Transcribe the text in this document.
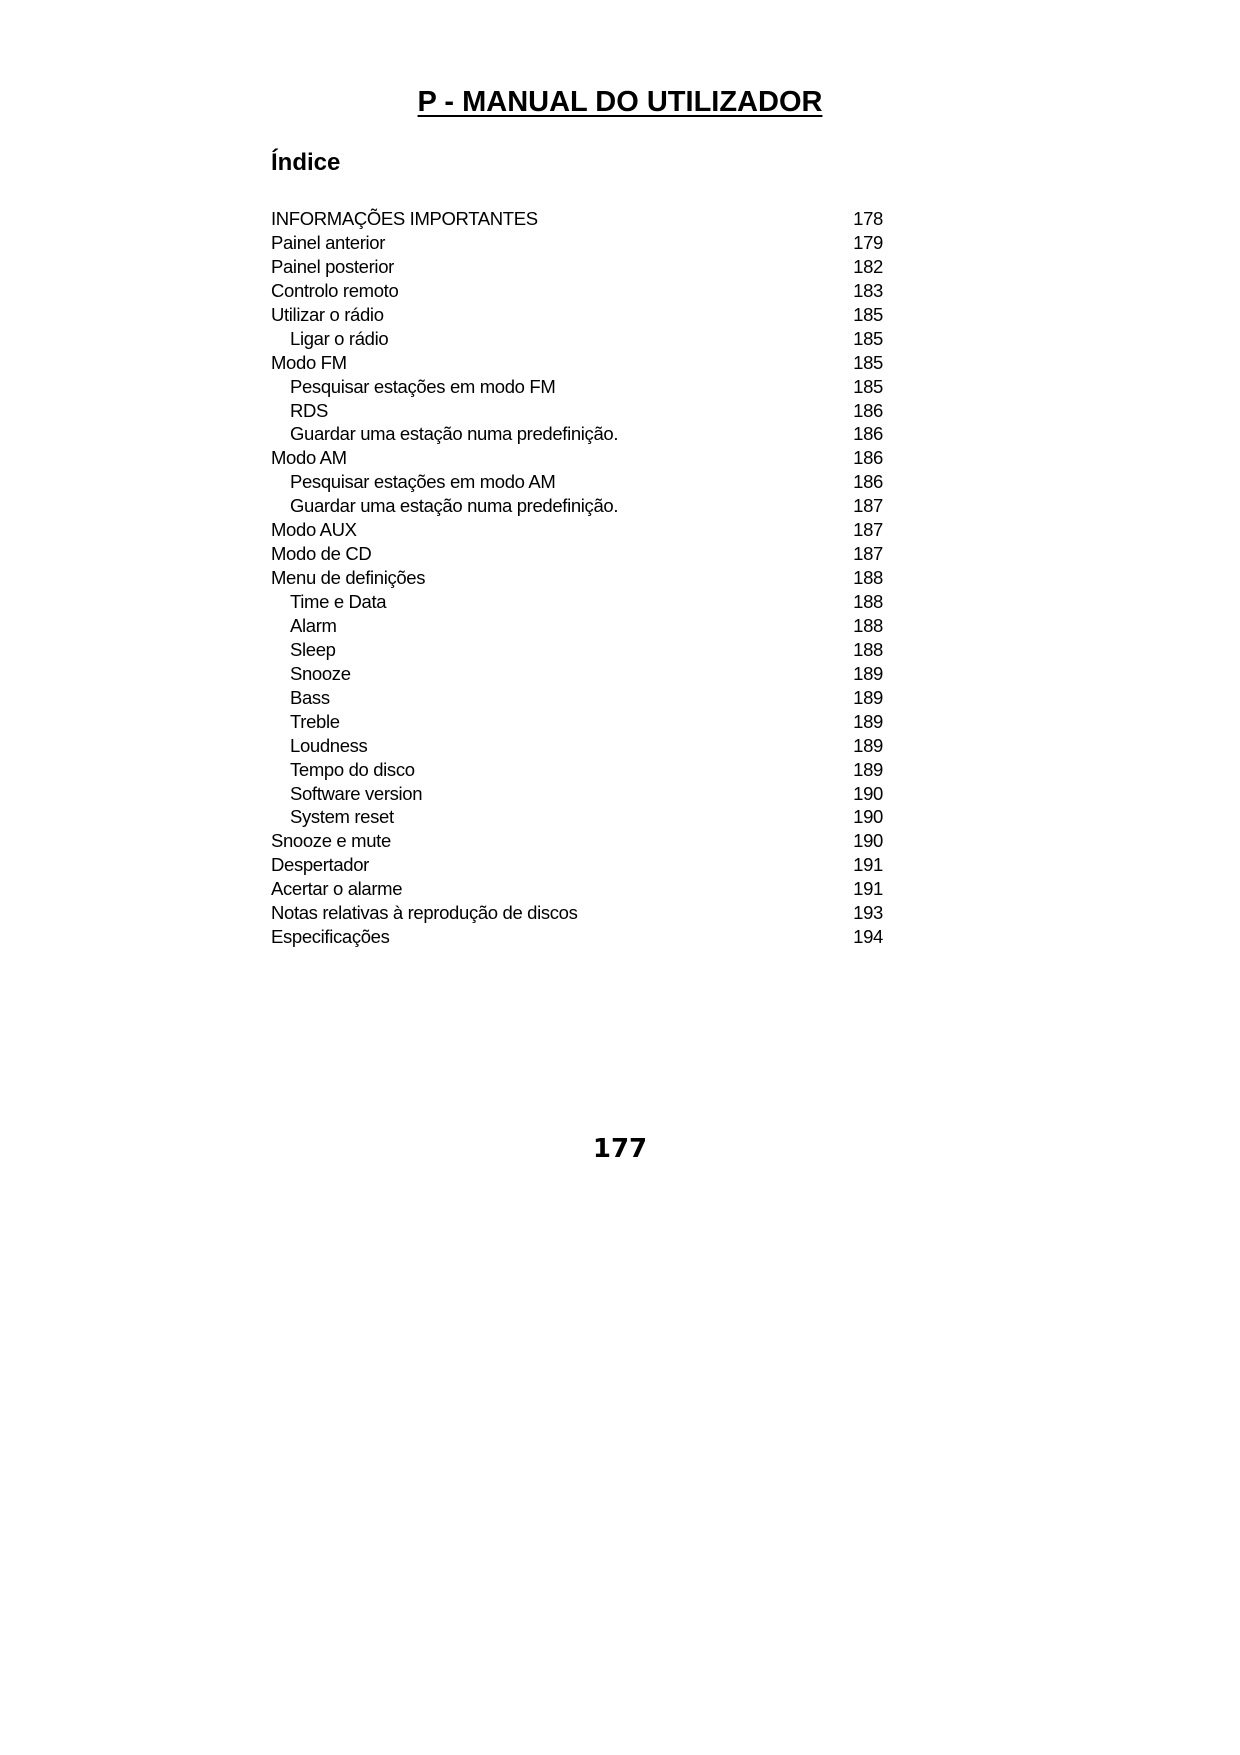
P - MANUAL DO UTILIZADOR
Índice
INFORMAÇÕES IMPORTANTES	178
Painel anterior	179
Painel posterior	182
Controlo remoto	183
Utilizar o rádio	185
Ligar o rádio	185
Modo FM	185
Pesquisar estações em modo FM	185
RDS	186
Guardar uma estação numa predefinição.	186
Modo AM	186
Pesquisar estações em modo AM	186
Guardar uma estação numa predefinição.	187
Modo AUX	187
Modo de CD	187
Menu de definições	188
Time e Data	188
Alarm	188
Sleep	188
Snooze	189
Bass	189
Treble	189
Loudness	189
Tempo do disco	189
Software version	190
System reset	190
Snooze e mute	190
Despertador	191
Acertar o alarme	191
Notas relativas à reprodução de discos	193
Especificações	194
177
